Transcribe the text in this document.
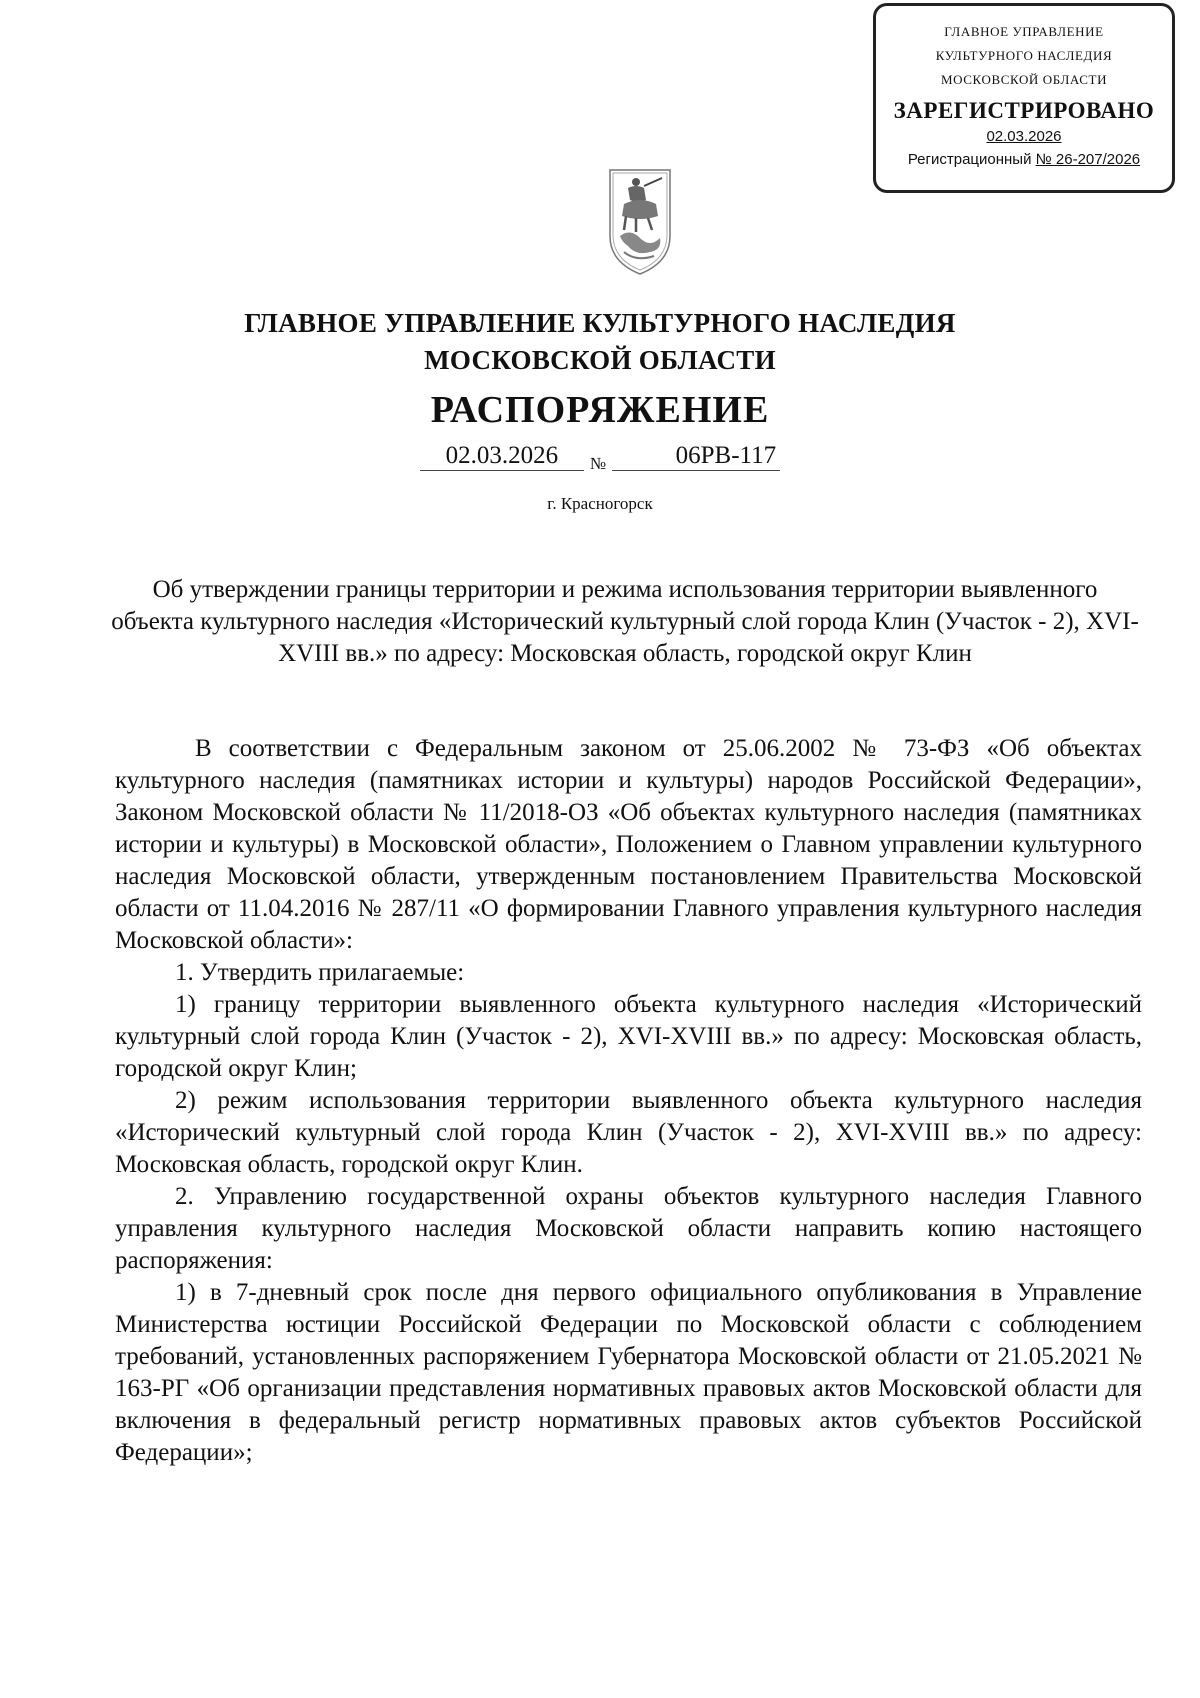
ГЛАВНОЕ УПРАВЛЕНИЕ
КУЛЬТУРНОГО НАСЛЕДИЯ
МОСКОВСКОЙ ОБЛАСТИ
ЗАРЕГИСТРИРОВАНО
02.03.2026
Регистрационный № 26-207/2026
ГЛАВНОЕ УПРАВЛЕНИЕ КУЛЬТУРНОГО НАСЛЕДИЯ
МОСКОВСКОЙ ОБЛАСТИ
РАСПОРЯЖЕНИЕ
02.03.2026 $_№$	06РВ-117
г. Красногорск
Об утверждении границы территории и режима использования территории выявленного объекта культурного наследия «Исторический культурный слой города Клин (Участок - 2), XVI-XVIII вв.» по адресу: Московская область, городской округ Клин

В соответствии с Федеральным законом от 25.06.2002 № 73-ФЗ «Об объектах культурного наследия (памятниках истории и культуры) народов Российской Федерации», Законом Московской области № 11/2018-ОЗ «Об объектах культурного наследия (памятниках истории и культуры) в Московской области», Положением о Главном управлении культурного наследия Московской области, утвержденным постановлением Правительства Московской области от 11.04.2016 № 287/11 «О формировании Главного управления культурного наследия Московской области»:

1. Утвердить прилагаемые:

1) границу территории выявленного объекта культурного наследия «Исторический культурный слой города Клин (Участок - 2), XVI-XVIII вв.» по адресу: Московская область, городской округ Клин;

2) режим использования территории выявленного объекта культурного наследия «Исторический культурный слой города Клин (Участок - 2), XVI-XVIII вв.» по адресу: Московская область, городской округ Клин.

2. Управлению государственной охраны объектов культурного наследия Главного управления культурного наследия Московской области направить копию настоящего распоряжения:

1) в 7-дневный срок после дня первого официального опубликования в Управление Министерства юстиции Российской Федерации по Московской области с соблюдением требований, установленных распоряжением Губернатора Московской области от 21.05.2021 № 163-РГ «Об организации представления нормативных правовых актов Московской области для включения в федеральный регистр нормативных правовых актов субъектов Российской Федерации»;
